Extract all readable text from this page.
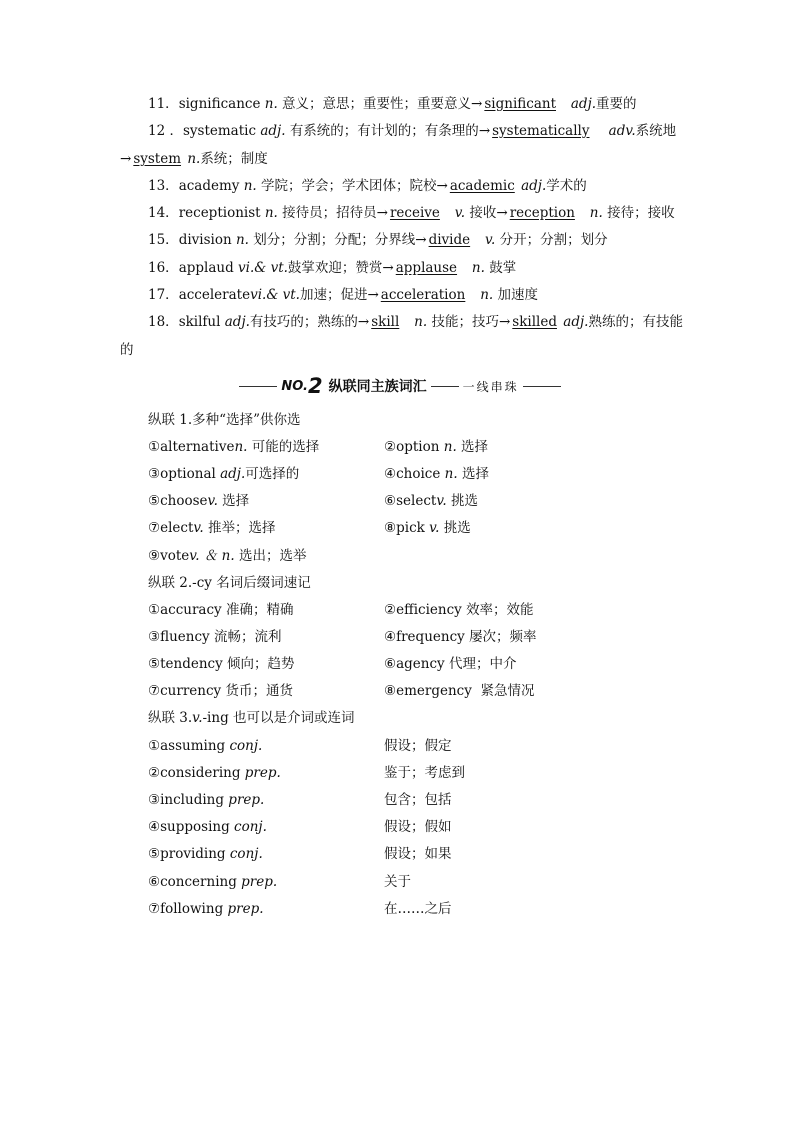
11．significance n. 意义；意思；重要性；重要意义→ significant adj.重要的
12 ．systematic adj. 有系统的；有计划的；有条理的→ systematically adv.系统地
→ system n.系统；制度
13．academy n. 学院；学会；学术团体；院校→ academic adj.学术的
14．receptionist n. 接待员；招待员→ receive v. 接收→ reception n. 接待；接收
15．division n. 划分；分割；分配；分界线→ divide v. 分开；分割；划分
16．applaud vi.& vt.鼓掌欢迎；赞赏→ applause n. 鼓掌
17．acceleratevi.& vt.加速；促进→ acceleration n. 加速度
18．skilful adj.有技巧的；熟练的→ skill n. 技能；技巧→ skilled adj.熟练的；有技能
的
NO. 2 纵联同主族词汇	一线串珠
纵联 1.多种“选择”供你选
①alternativen. 可能的选择	②option n. 选择
③optional adj.可选择的	④choice n. 选择
⑤choosev. 选择	⑥selectv. 挑选
⑦electv. 推举；选择	⑧pick v. 挑选
⑨votev. ＆ n. 选出；选举
纵联 2.-cy 名词后缀词速记
①accuracy 准确；精确	②efficiency 效率；效能
③fluency 流畅；流利	④frequency 屡次；频率
⑤tendency 倾向；趋势	⑥agency 代理；中介
⑦currency 货币；通货	⑧emergency 紧急情况
纵联 3.v.-ing 也可以是介词或连词
①assuming conj.	假设；假定
②considering prep.	鉴于；考虑到
③including prep.	包含；包括
④supposing conj.	假设；假如
⑤providing conj.	假设；如果
⑥concerning prep.	关于
⑦following prep.	在……之后
